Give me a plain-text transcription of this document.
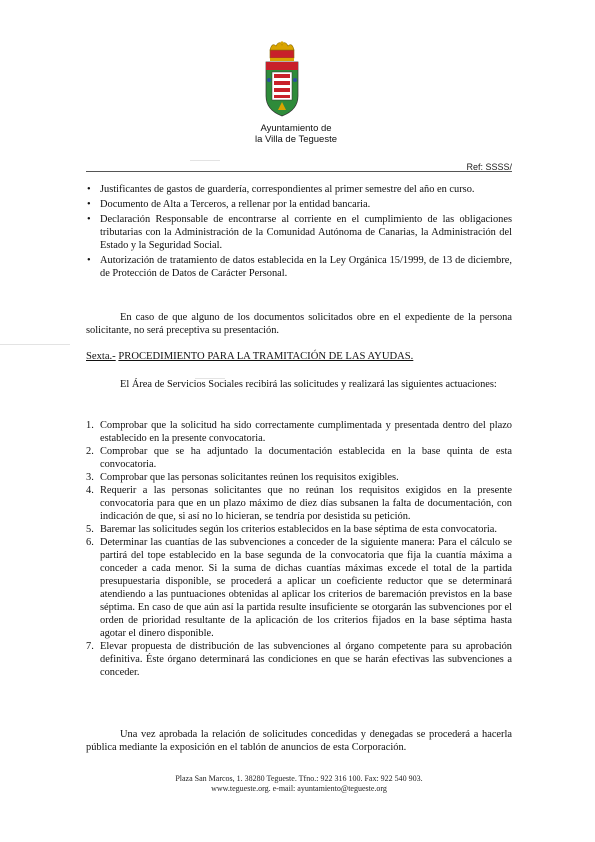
Ayuntamiento de
la Villa de Tegueste
Ref: SSSS/
• Justificantes de gastos de guardería, correspondientes al primer semestre del año en curso.
• Documento de Alta a Terceros, a rellenar por la entidad bancaria.
• Declaración Responsable de encontrarse al corriente en el cumplimiento de las obligaciones tributarias con la Administración de la Comunidad Autónoma de Canarias, la Administración del Estado y la Seguridad Social.
• Autorización de tratamiento de datos establecida en la Ley Orgánica 15/1999, de 13 de diciembre, de Protección de Datos de Carácter Personal.
En caso de que alguno de los documentos solicitados obre en el expediente de la persona solicitante, no será preceptiva su presentación.
Sexta.- PROCEDIMIENTO PARA LA TRAMITACIÓN DE LAS AYUDAS.
El Área de Servicios Sociales recibirá las solicitudes y realizará las siguientes actuaciones:
1. Comprobar que la solicitud ha sido correctamente cumplimentada y presentada dentro del plazo establecido en la presente convocatoria.
2. Comprobar que se ha adjuntado la documentación establecida en la base quinta de esta convocatoria.
3. Comprobar que las personas solicitantes reúnen los requisitos exigibles.
4. Requerir a las personas solicitantes que no reúnan los requisitos exigidos en la presente convocatoria para que en un plazo máximo de diez días subsanen la falta de documentación, con indicación de que, si así no lo hicieran, se tendría por desistida su petición.
5. Baremar las solicitudes según los criterios establecidos en la base séptima de esta convocatoria.
6. Determinar las cuantías de las subvenciones a conceder de la siguiente manera: Para el cálculo se partirá del tope establecido en la base segunda de la convocatoria que fija la cuantía máxima a conceder a cada menor. Si la suma de dichas cuantías máximas excede el total de la partida presupuestaria disponible, se procederá a aplicar un coeficiente reductor que se determinará atendiendo a las puntuaciones obtenidas al aplicar los criterios de baremación previstos en la base séptima. En caso de que aún así la partida resulte insuficiente se otorgarán las subvenciones por el orden de prioridad resultante de la aplicación de los criterios fijados en la base séptima hasta agotar el dinero disponible.
7. Elevar propuesta de distribución de las subvenciones al órgano competente para su aprobación definitiva. Éste órgano determinará las condiciones en que se harán efectivas las subvenciones a conceder.
Una vez aprobada la relación de solicitudes concedidas y denegadas se procederá a hacerla pública mediante la exposición en el tablón de anuncios de esta Corporación.
Plaza San Marcos, 1. 38280 Tegueste. Tfno.: 922 316 100. Fax: 922 540 903.
www.tegueste.org. e-mail: ayuntamiento@tegueste.org
